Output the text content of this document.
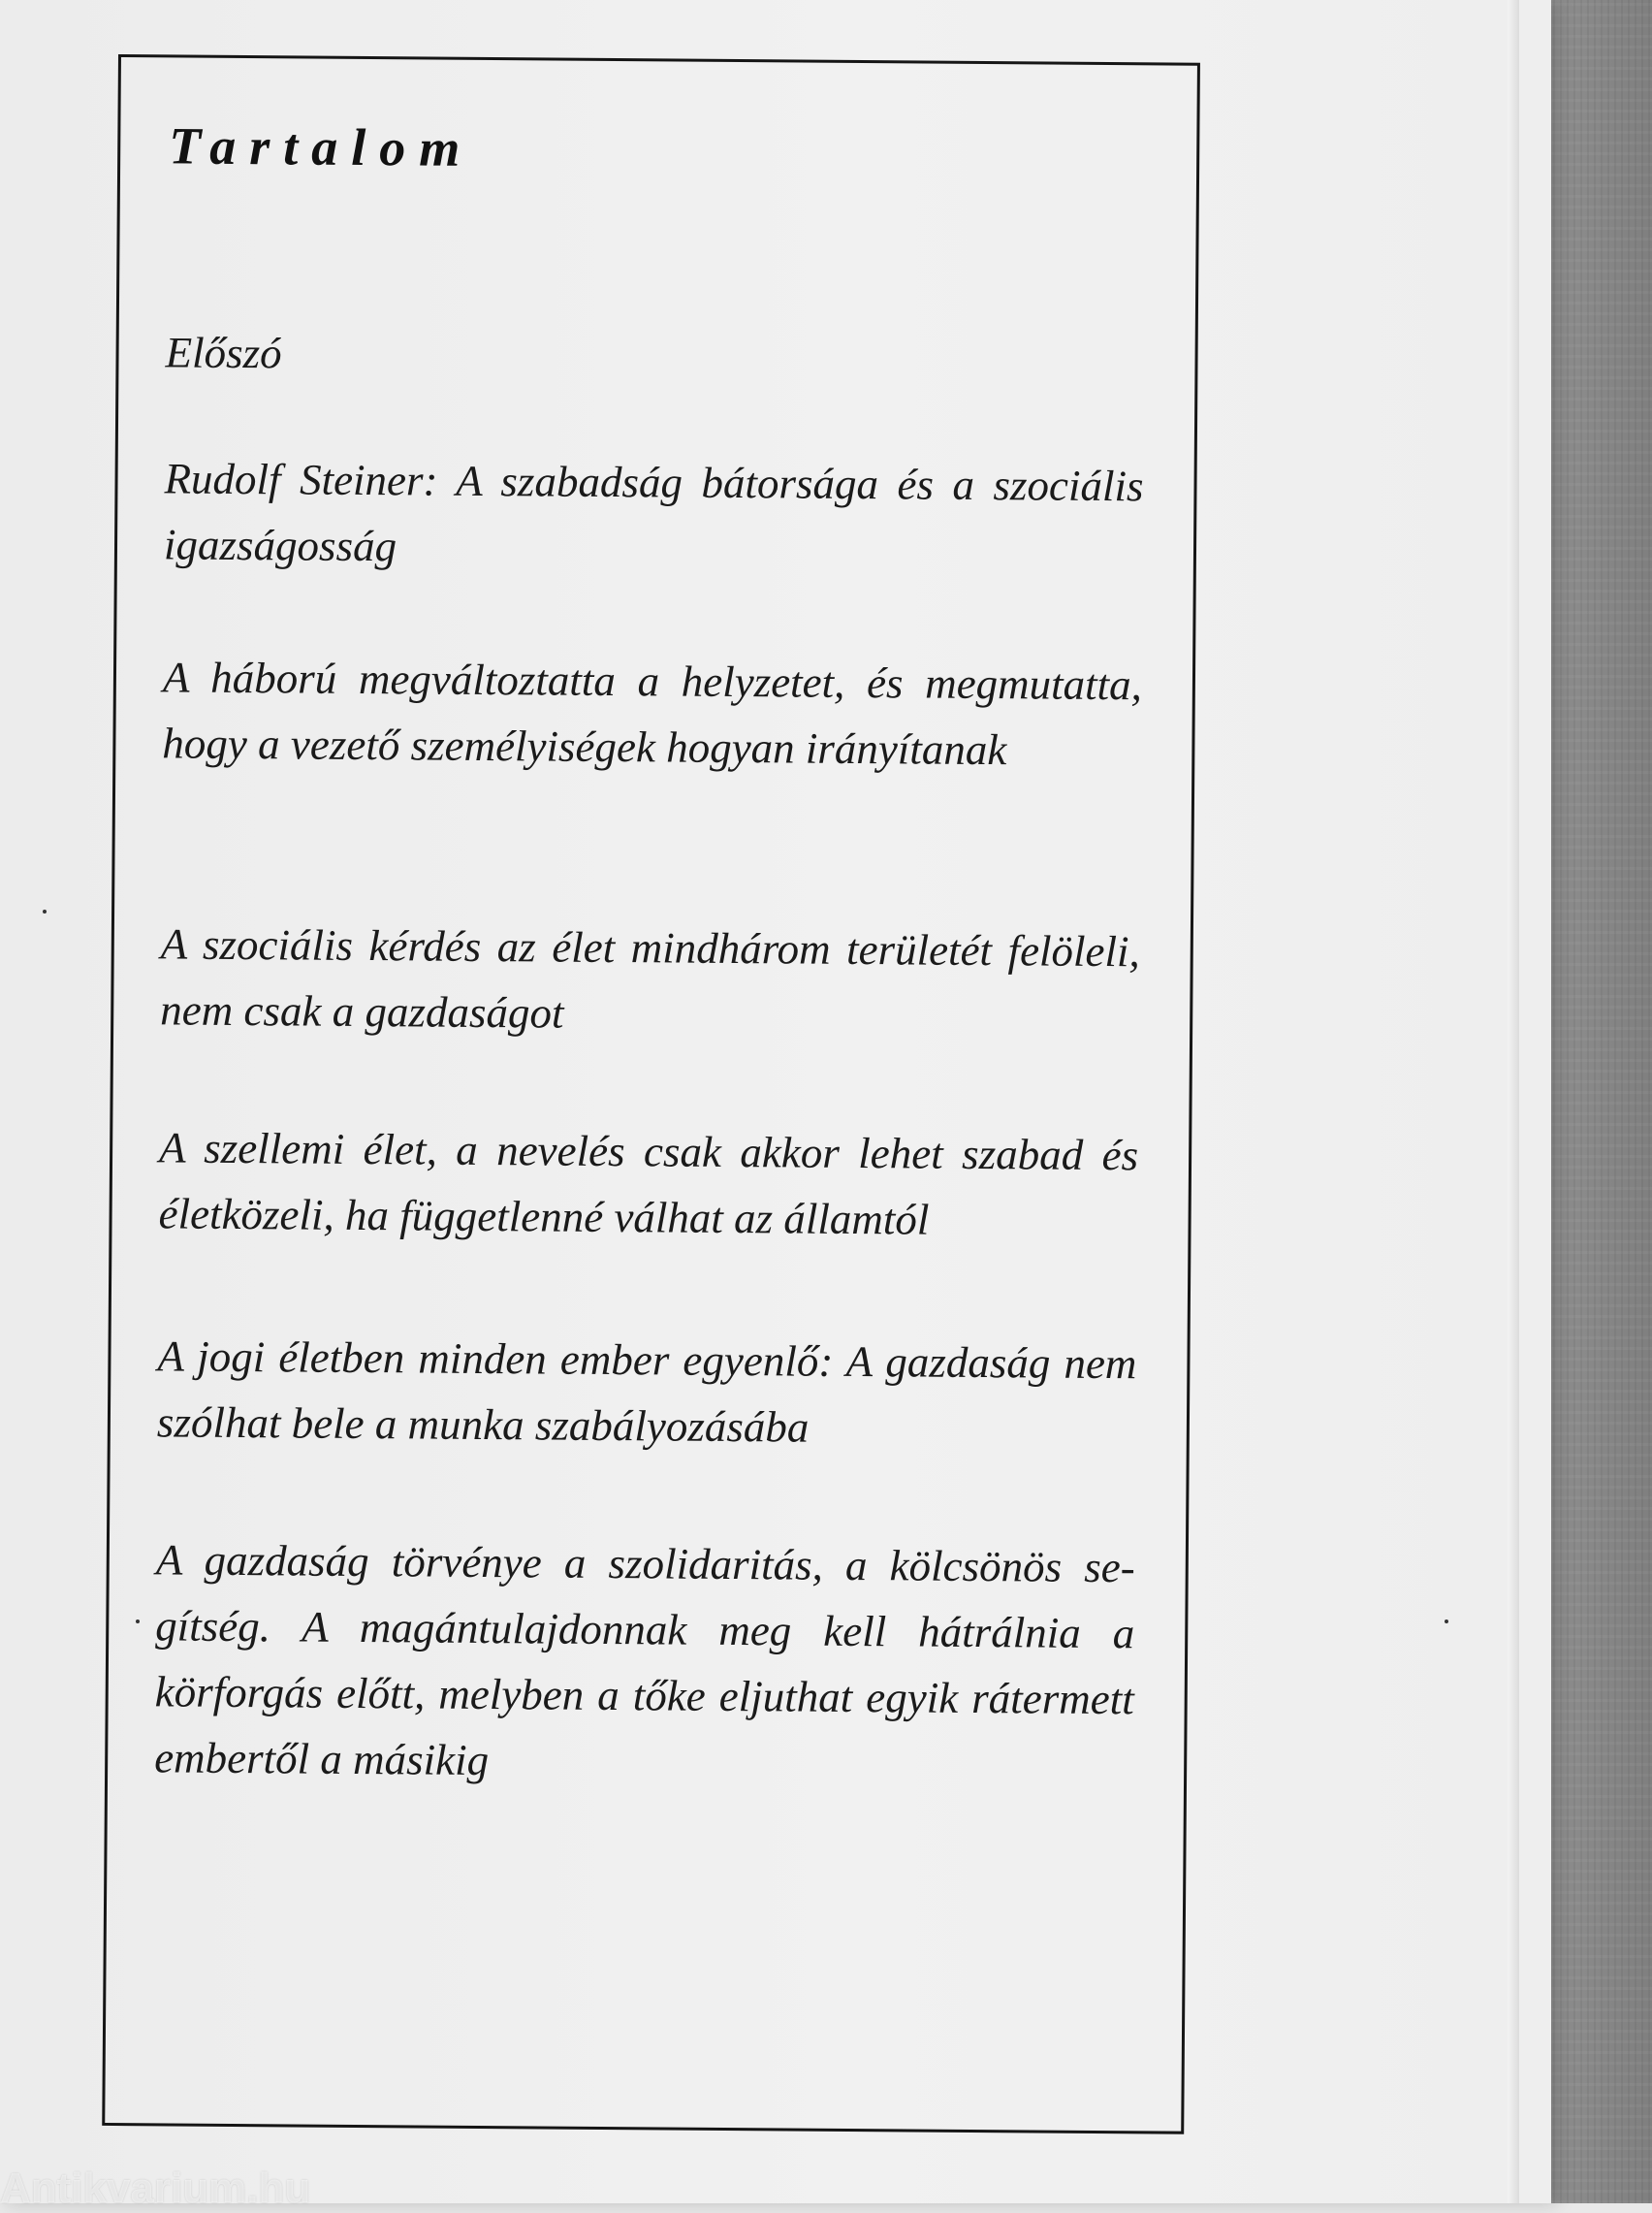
Tartalom

Előszó

Rudolf Steiner: A szabadság bátorsága és a szociális igazságosság

A háború megváltoztatta a helyzetet, és megmutatta, hogy a vezető személyiségek hogyan irányítanak

A szociális kérdés az élet mindhárom területét felöleli, nem csak a gazdaságot

A szellemi élet, a nevelés csak akkor lehet szabad és életközeli, ha függetlenné válhat az államtól

A jogi életben minden ember egyenlő: A gazdaság nem szólhat bele a munka szabályozásába

A gazdaság törvénye a szolidaritás, a kölcsönös segítség. A magántulajdonnak meg kell hátrálnia a körforgás előtt, melyben a tőke eljuthat egyik rátermett embertől a másikig

Antikvarium.hu
